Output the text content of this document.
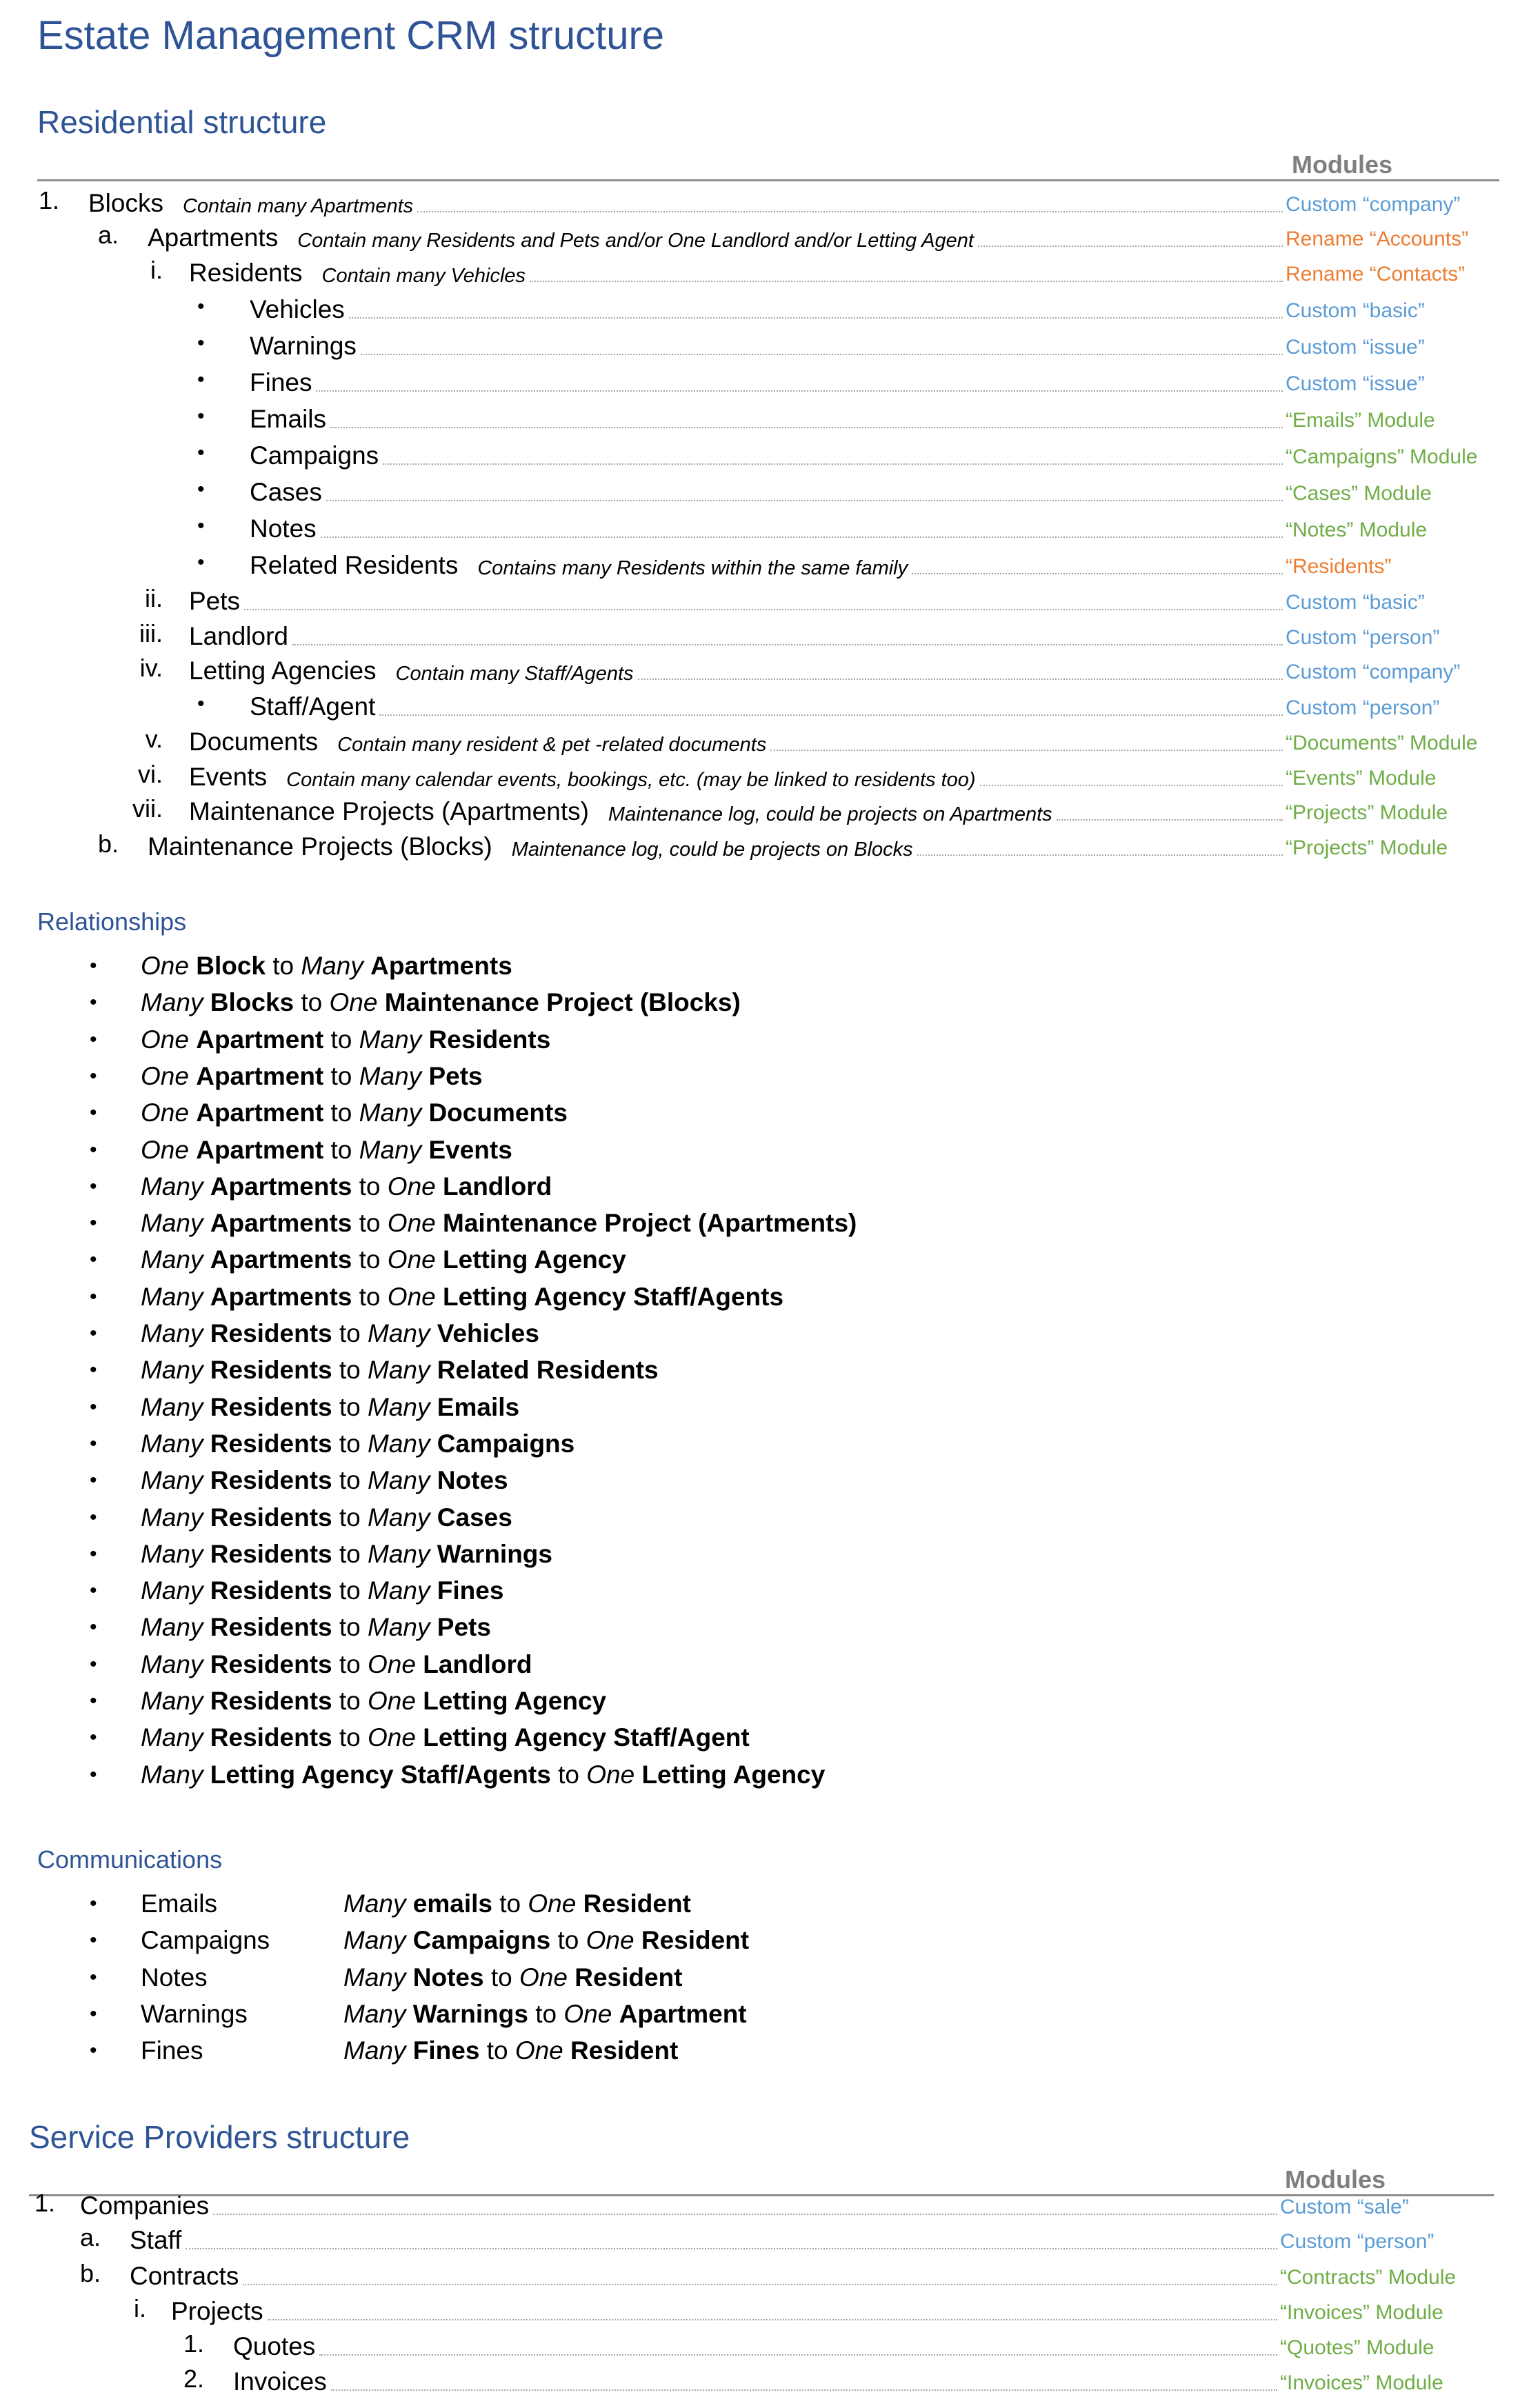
Estate Management CRM structure
Residential structure
Modules
1. Blocks Contain many Apartments	Custom “company”
a. Apartments Contain many Residents and Pets and/or One Landlord and/or Letting Agent	Rename “Accounts”
i. Residents Contain many Vehicles	Rename “Contacts”
• Vehicles	Custom “basic”
• Warnings	Custom “issue”
• Fines	Custom “issue”
• Emails	“Emails” Module
• Campaigns	“Campaigns” Module
• Cases	“Cases” Module
• Notes	“Notes” Module
• Related Residents Contains many Residents within the same family	“Residents”
ii. Pets	Custom “basic”
iii. Landlord	Custom “person”
iv. Letting Agencies Contain many Staff/Agents	Custom “company”
• Staff/Agent	Custom “person”
v. Documents Contain many resident & pet -related documents	“Documents” Module
vi. Events Contain many calendar events, bookings, etc. (may be linked to residents too)	“Events” Module
vii. Maintenance Projects (Apartments) Maintenance log, could be projects on Apartments	“Projects” Module
b. Maintenance Projects (Blocks) Maintenance log, could be projects on Blocks	“Projects” Module
Relationships
• One Block to Many Apartments
• Many Blocks to One Maintenance Project (Blocks)
• One Apartment to Many Residents
• One Apartment to Many Pets
• One Apartment to Many Documents
• One Apartment to Many Events
• Many Apartments to One Landlord
• Many Apartments to One Maintenance Project (Apartments)
• Many Apartments to One Letting Agency
• Many Apartments to One Letting Agency Staff/Agents
• Many Residents to Many Vehicles
• Many Residents to Many Related Residents
• Many Residents to Many Emails
• Many Residents to Many Campaigns
• Many Residents to Many Notes
• Many Residents to Many Cases
• Many Residents to Many Warnings
• Many Residents to Many Fines
• Many Residents to Many Pets
• Many Residents to One Landlord
• Many Residents to One Letting Agency
• Many Residents to One Letting Agency Staff/Agent
• Many Letting Agency Staff/Agents to One Letting Agency
Communications
• Emails	Many emails to One Resident
• Campaigns	Many Campaigns to One Resident
• Notes	Many Notes to One Resident
• Warnings	Many Warnings to One Apartment
• Fines	Many Fines to One Resident
Service Providers structure
Modules
1. Companies	Custom “sale”
a. Staff	Custom “person”
b. Contracts	“Contracts” Module
i. Projects	“Invoices” Module
1. Quotes	“Quotes” Module
2. Invoices	“Invoices” Module
